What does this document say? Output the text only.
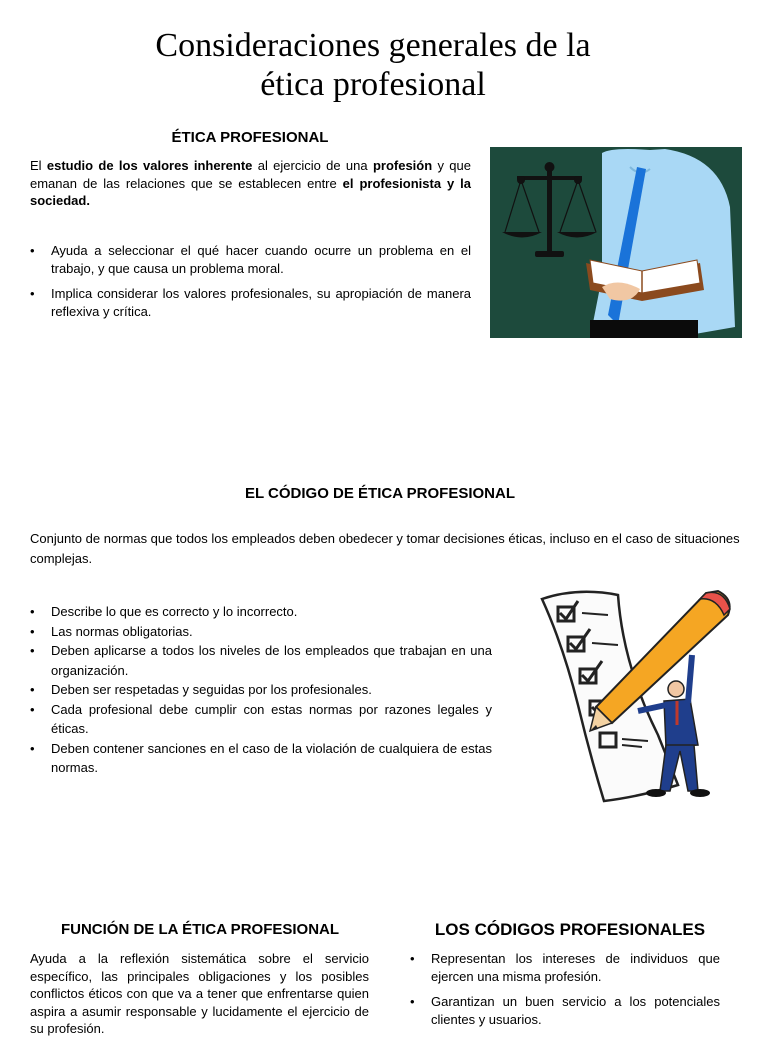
Consideraciones generales de la
ética profesional
ÉTICA PROFESIONAL

El estudio de los valores inherente al ejercicio de una profesión y que emanan de las relaciones que se establecen entre el profesionista y la sociedad.

• Ayuda a seleccionar el qué hacer cuando ocurre un problema en el trabajo, y que causa un problema moral.
• Implica considerar los valores profesionales, su apropiación de manera reflexiva y crítica.
EL CÓDIGO DE ÉTICA PROFESIONAL

Conjunto de normas que todos los empleados deben obedecer y tomar decisiones éticas, incluso en el caso de situaciones complejas.

• Describe lo que es correcto y lo incorrecto.
• Las normas obligatorias.
• Deben aplicarse a todos los niveles de los empleados que trabajan en una organización.
• Deben ser respetadas y seguidas por los profesionales.
• Cada profesional debe cumplir con estas normas por razones legales y éticas.
• Deben contener sanciones en el caso de la violación de cualquiera de estas normas.
FUNCIÓN DE LA ÉTICA PROFESIONAL

Ayuda a la reflexión sistemática sobre el servicio específico, las principales obligaciones y los posibles conflictos éticos con que va a tener que enfrentarse quien aspira a asumir responsable y lucidamente el ejercicio de su profesión.

LOS CÓDIGOS PROFESIONALES
• Representan los intereses de individuos que ejercen una misma profesión.
• Garantizan un buen servicio a los potenciales clientes y usuarios.
